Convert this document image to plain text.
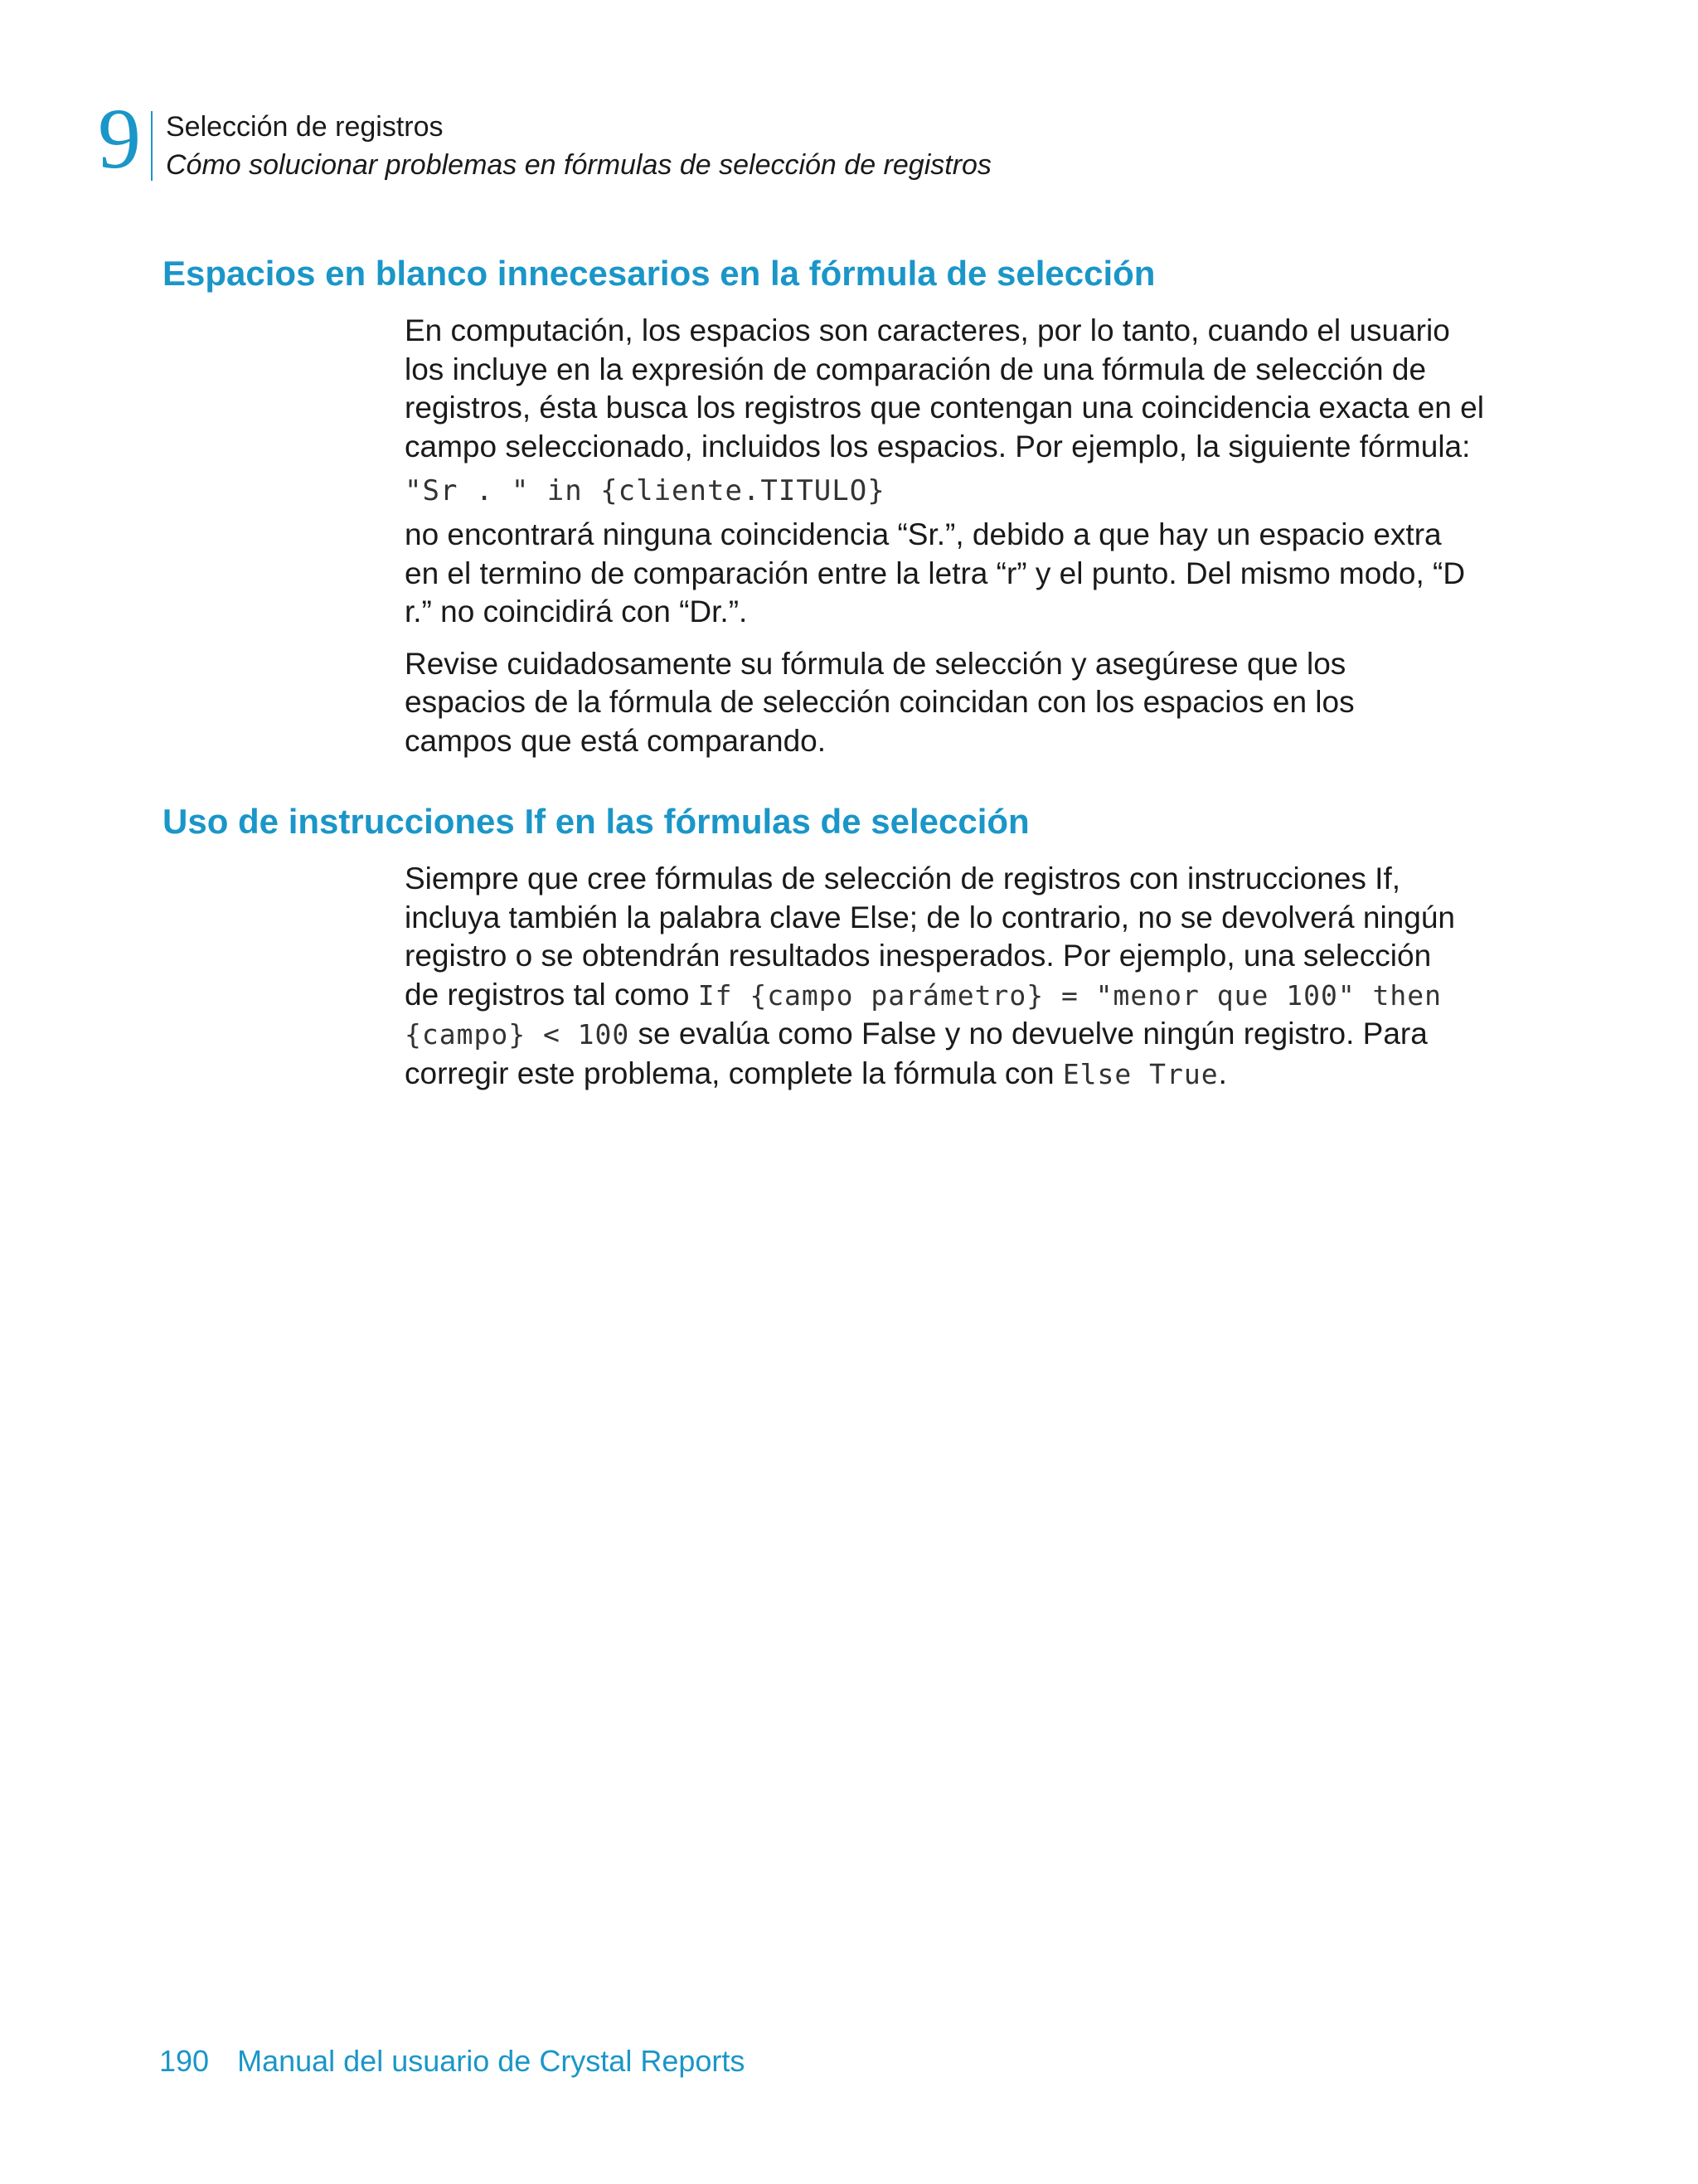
9 Selección de registros
Cómo solucionar problemas en fórmulas de selección de registros
Espacios en blanco innecesarios en la fórmula de selección

En computación, los espacios son caracteres, por lo tanto, cuando el usuario
los incluye en la expresión de comparación de una fórmula de selección de
registros, ésta busca los registros que contengan una coincidencia exacta en el
campo seleccionado, incluidos los espacios. Por ejemplo, la siguiente fórmula:

"Sr . " in {cliente.TITULO}

no encontrará ninguna coincidencia “Sr.”, debido a que hay un espacio extra
en el termino de comparación entre la letra “r” y el punto. Del mismo modo, “D
r.” no coincidirá con “Dr.”.

Revise cuidadosamente su fórmula de selección y asegúrese que los
espacios de la fórmula de selección coincidan con los espacios en los
campos que está comparando.

Uso de instrucciones If en las fórmulas de selección

Siempre que cree fórmulas de selección de registros con instrucciones If,
incluya también la palabra clave Else; de lo contrario, no se devolverá ningún
registro o se obtendrán resultados inesperados. Por ejemplo, una selección
de registros tal como If {campo parámetro} = "menor que 100" then
{campo} < 100 se evalúa como False y no devuelve ningún registro. Para
corregir este problema, complete la fórmula con Else True.

190 Manual del usuario de Crystal Reports
